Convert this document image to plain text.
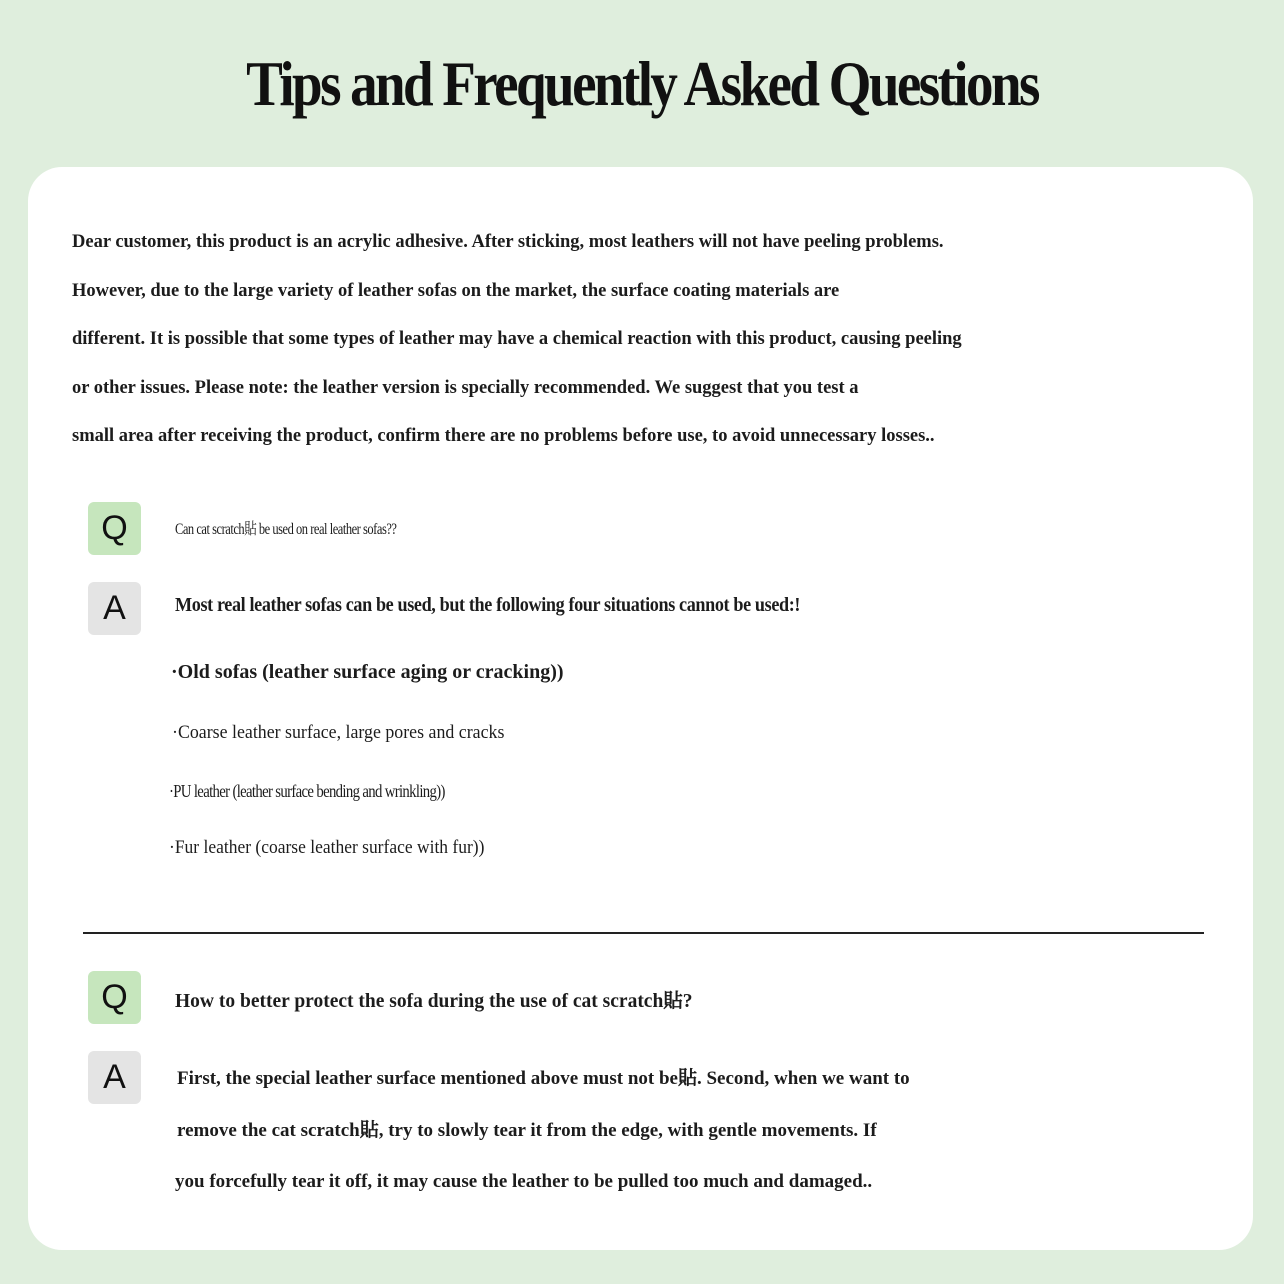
Tips and Frequently Asked Questions
Dear customer, this product is an acrylic adhesive. After sticking, most leathers will not have peeling problems.
However, due to the large variety of leather sofas on the market, the surface coating materials are
different. It is possible that some types of leather may have a chemical reaction with this product, causing peeling
or other issues. Please note: the leather version is specially recommended. We suggest that you test a
small area after receiving the product, confirm there are no problems before use, to avoid unnecessary losses..
Q	Can cat scratch貼 be used on real leather sofas??
A	Most real leather sofas can be used, but the following four situations cannot be used:!
·Old sofas (leather surface aging or cracking))
·Coarse leather surface, large pores and cracks
·PU leather (leather surface bending and wrinkling))
·Fur leather (coarse leather surface with fur))
Q	How to better protect the sofa during the use of cat scratch貼?
A	First, the special leather surface mentioned above must not be貼. Second, when we want to
remove the cat scratch貼, try to slowly tear it from the edge, with gentle movements. If
you forcefully tear it off, it may cause the leather to be pulled too much and damaged..
